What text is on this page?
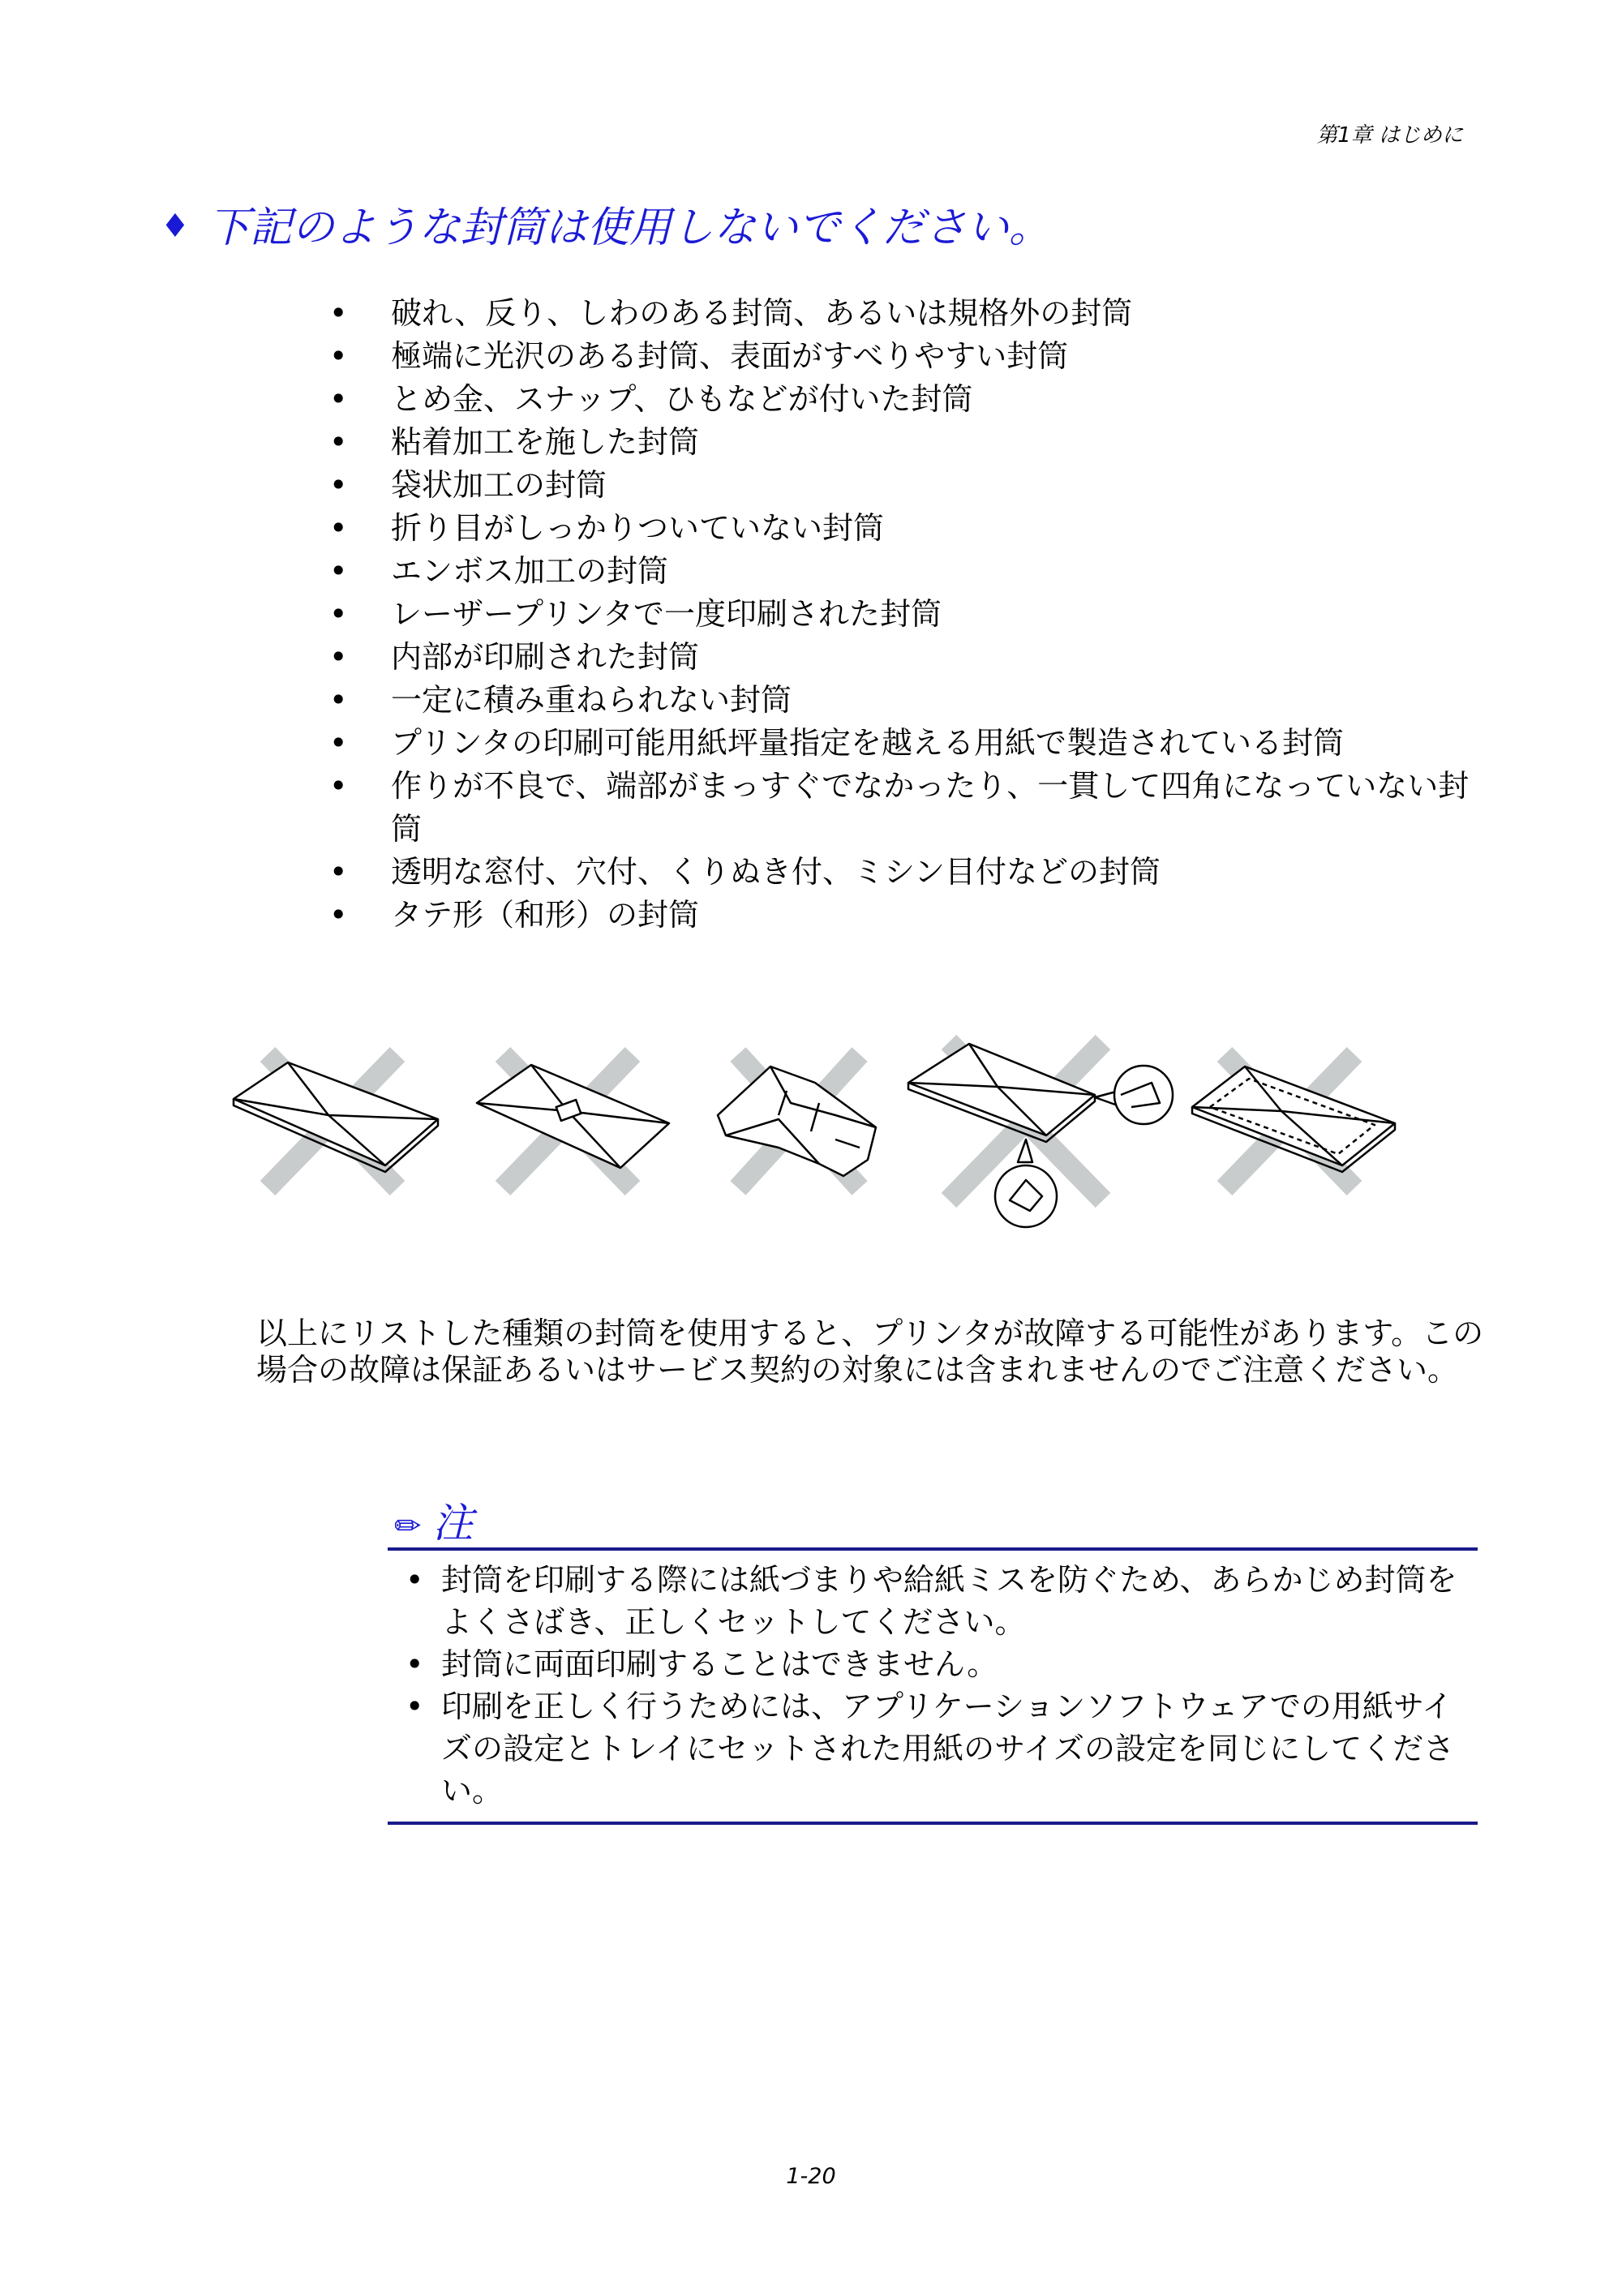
第1章 はじめに
♦ 下記のような封筒は使用しないでください。
• 破れ、反り、しわのある封筒、あるいは規格外の封筒
• 極端に光沢のある封筒、表面がすべりやすい封筒
• とめ金、スナップ、ひもなどが付いた封筒
• 粘着加工を施した封筒
• 袋状加工の封筒
• 折り目がしっかりついていない封筒
• エンボス加工の封筒
• レーザープリンタで一度印刷された封筒
• 内部が印刷された封筒
• 一定に積み重ねられない封筒
• プリンタの印刷可能用紙坪量指定を越える用紙で製造されている封筒
• 作りが不良で、端部がまっすぐでなかったり、一貫して四角になっていない封筒
• 透明な窓付、穴付、くりぬき付、ミシン目付などの封筒
• タテ形（和形）の封筒
以上にリストした種類の封筒を使用すると、プリンタが故障する可能性があります。この場合の故障は保証あるいはサービス契約の対象には含まれませんのでご注意ください。
✏ 注
• 封筒を印刷する際には紙づまりや給紙ミスを防ぐため、あらかじめ封筒をよくさばき、正しくセットしてください。
• 封筒に両面印刷することはできません。
• 印刷を正しく行うためには、アプリケーションソフトウェアでの用紙サイズの設定とトレイにセットされた用紙のサイズの設定を同じにしてください。
1-20
